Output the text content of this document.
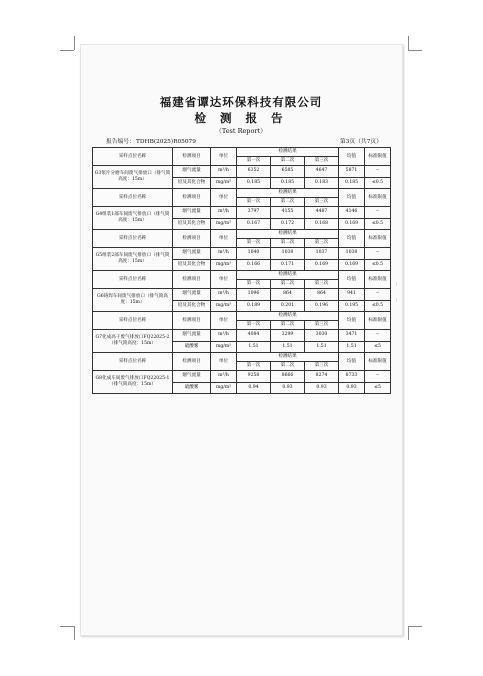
⁞
⁞
福建省谭达环保科技有限公司
检 测 报 告
（Test Report）
报告编号： TDHB(2025)R05079	第3页（共7页）
采样点位名称	检测项目	单位	检测结果			均值	标准限值
			第一次	第二次	第三次		
G3浆片分磨车间废气排放口（排气筒高度：15m）	烟气流量	m³/h	6352	6585	4647	5871	--
	铅及其化合物	mg/m³	0.185	0.185	0.183	0.185	≤0.5
采样点位名称	检测项目	单位	检测结果			均值	标准限值
			第一次	第二次	第三次		
G4组装1部车间废气排放口（排气筒高度：15m）	烟气流量	m³/h	3797	4155	4487	4146	--
	铅及其化合物	mg/m³	0.167	0.172	0.168	0.169	≤0.5
采样点位名称	检测项目	单位	检测结果			均值	标准限值
			第一次	第二次	第三次		
G5组装2部车间废气排放口（排气筒高度：15m）	烟气流量	m³/h	1040	1038	1037	1038	--
	铅及其化合物	mg/m³	0.166	0.171	0.169	0.169	≤0.5
采样点位名称	检测项目	单位	检测结果			均值	标准限值
			第一次	第二次	第三次		
G6铸焊车间废气排放口（排气筒高度：15m）	烟气流量	m³/h	1096	864	864	941	--
	铅及其化合物	mg/m³	0.189	0.201	0.196	0.195	≤0.5
采样点位名称	检测项目	单位	检测结果			均值	标准限值
			第一次	第二次	第三次		
G7化成高干废气排放口FQ22025-2（排气筒高度：15m）	烟气流量	m³/h	4084	3299	3030	3471	--
	硫酸雾	mg/m³	1.51	1.51	1.51	1.51	≤5
采样点位名称	检测项目	单位	检测结果			均值	标准限值
			第一次	第二次	第三次		
G8化成车间废气排放口FQ22025-1（排气筒高度：15m）	烟气流量	m³/h	9258	8666	8274	8733	--
	硫酸雾	mg/m³	0.94	0.93	0.93	0.93	≤5
